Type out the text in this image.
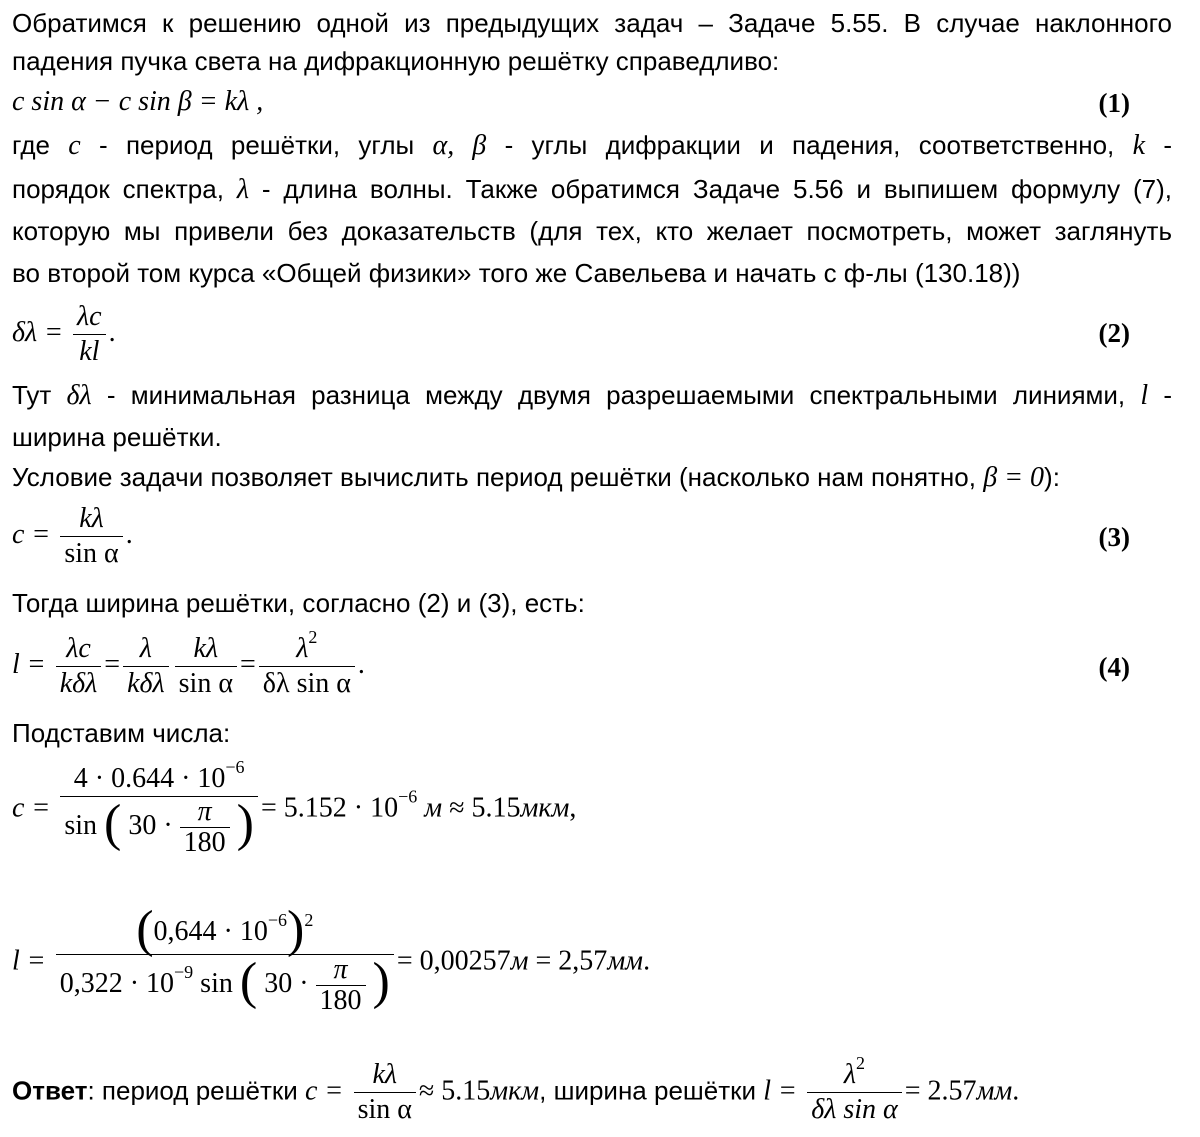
Обратимся к решению одной из предыдущих задач – Задаче 5.55. В случае наклонного
падения пучка света на дифракционную решётку справедливо:
c sin α − c sin β = kλ ,	(1)
где c - период решётки, углы α, β - углы дифракции и падения, соответственно, k -
порядок спектра, λ - длина волны. Также обратимся Задаче 5.56 и выпишем формулу (7),
которую мы привели без доказательств (для тех, кто желает посмотреть, может заглянуть
во второй том курса «Общей физики» того же Савельева и начать с ф-лы (130.18))
$\delta\lambda = \frac{\lambda c}{kl}$ .	(2)
Тут δλ - минимальная разница между двумя разрешаемыми спектральными линиями, l -
ширина решётки.
Условие задачи позволяет вычислить период решётки (насколько нам понятно, β = 0):
$c = \frac{k\lambda}{\text{sin α}}$ .	(3)
Тогда ширина решётки, согласно (2) и (3), есть:
$l = \frac{\lambda c}{\text{kδλ}} = \frac{\lambda}{\text{kδλ}} \frac{k\lambda}{\text{sin α}} = \frac{\lambda^2}{\text{δλ sin α}}$ .	(4)
Подставим числа:
c =
$4 \cdot 0.644 \cdot 10^{-6}$
sin ( $30 \cdot \frac{\pi}{180}$ ) = $5.152 \cdot 10^{-6}$ м ≈ 5.15мкм,
l =
$(0,644 \cdot 10^{-6})^2$
$0,322 \cdot 10^{-9}$ sin ( $30 \cdot \frac{\pi}{180}$ ) = 0,00257м = 2,57мм.
Ответ: период решётки $c = \frac{k\lambda}{\text{sin α}} \approx 5.15мкм$, ширина решётки $l = \frac{\lambda^2}{\text{δλ sin α}} = 2.57мм$.
